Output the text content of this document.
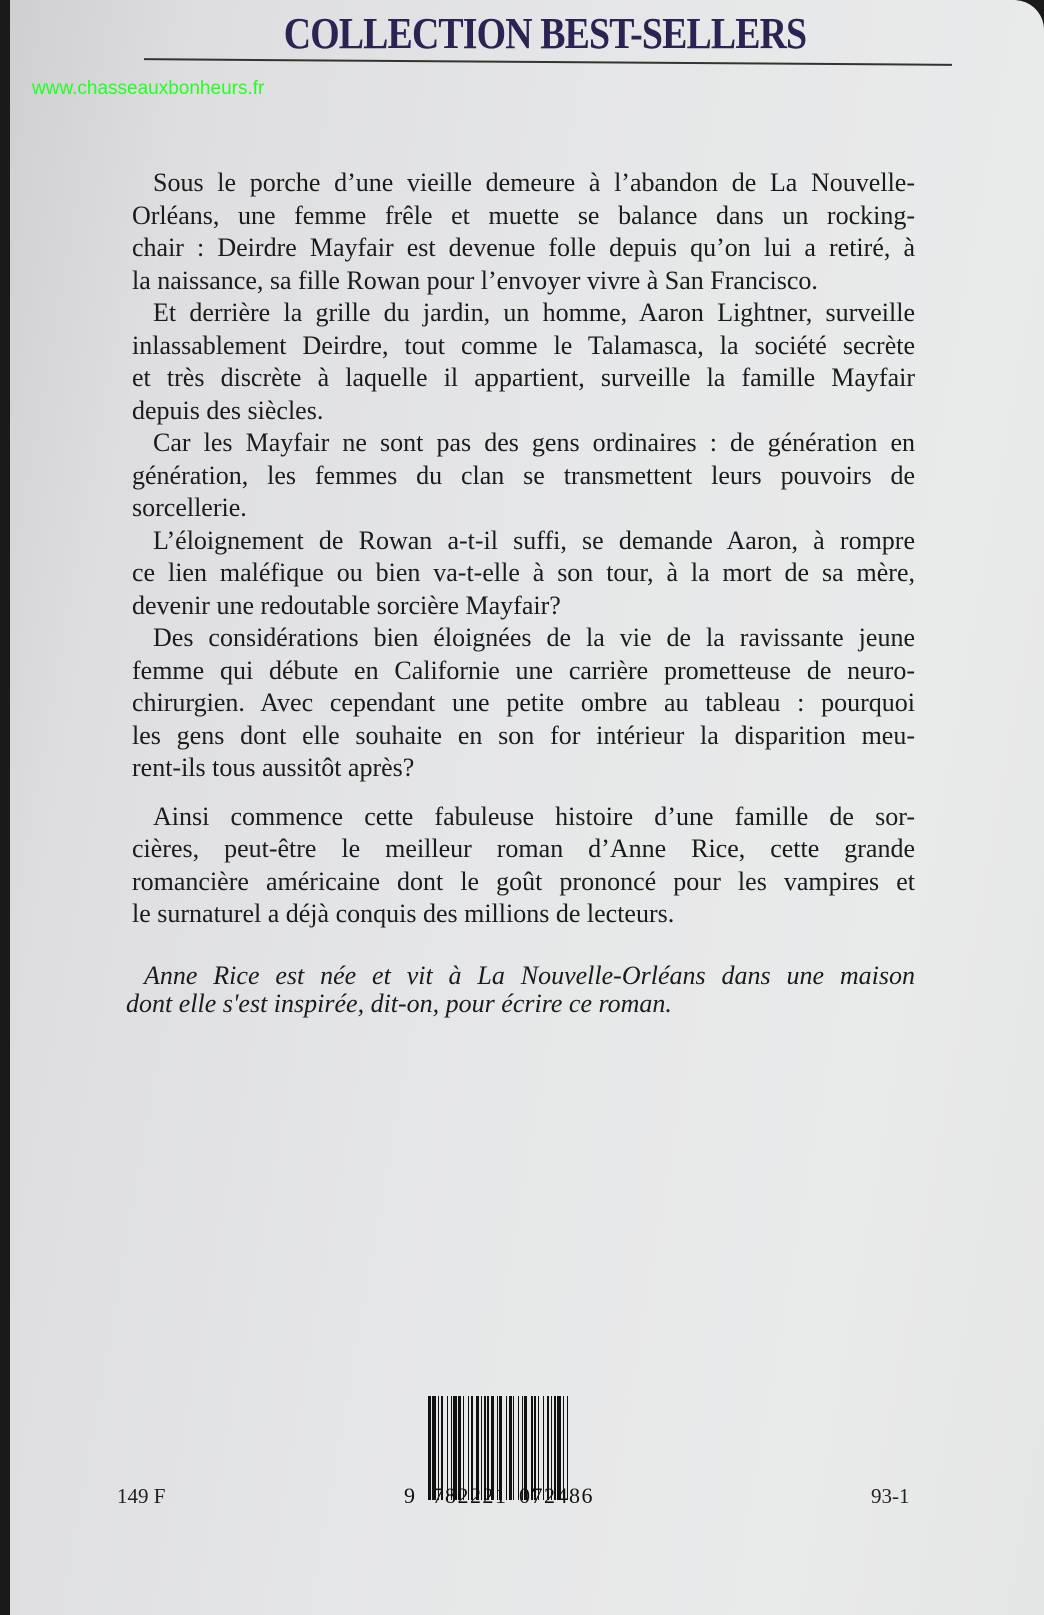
COLLECTION BEST-SELLERS
www.chasseauxbonheurs.fr
Sous le porche d’une vieille demeure à l’abandon de La Nouvelle-
Orléans, une femme frêle et muette se balance dans un rocking-
chair : Deirdre Mayfair est devenue folle depuis qu’on lui a retiré, à
la naissance, sa fille Rowan pour l’envoyer vivre à San Francisco.
Et derrière la grille du jardin, un homme, Aaron Lightner, surveille
inlassablement Deirdre, tout comme le Talamasca, la société secrète
et très discrète à laquelle il appartient, surveille la famille Mayfair
depuis des siècles.
Car les Mayfair ne sont pas des gens ordinaires : de génération en
génération, les femmes du clan se transmettent leurs pouvoirs de
sorcellerie.
L’éloignement de Rowan a-t-il suffi, se demande Aaron, à rompre
ce lien maléfique ou bien va-t-elle à son tour, à la mort de sa mère,
devenir une redoutable sorcière Mayfair?
Des considérations bien éloignées de la vie de la ravissante jeune
femme qui débute en Californie une carrière prometteuse de neuro-
chirurgien. Avec cependant une petite ombre au tableau : pourquoi
les gens dont elle souhaite en son for intérieur la disparition meu-
rent-ils tous aussitôt après?
Ainsi commence cette fabuleuse histoire d’une famille de sor-
cières, peut-être le meilleur roman d’Anne Rice, cette grande
romancière américaine dont le goût prononcé pour les vampires et
le surnaturel a déjà conquis des millions de lecteurs.
Anne Rice est née et vit à La Nouvelle-Orléans dans une maison
dont elle s'est inspirée, dit-on, pour écrire ce roman.
9 782221 072486
149 F	93-1
